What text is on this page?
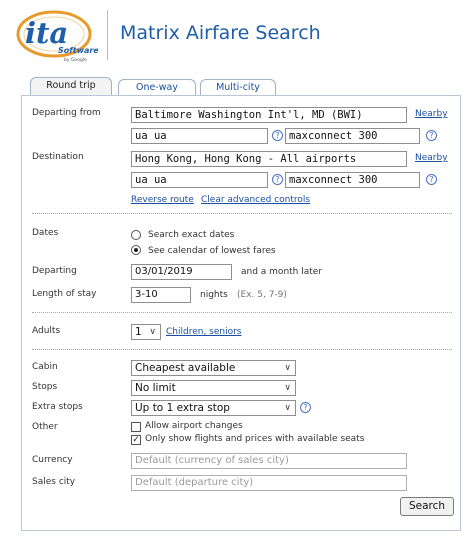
ita
Software
by Google
Matrix Airfare Search
Round trip	One-way	Multi-city
Departing from	Baltimore Washington Int'l, MD (BWI)	Nearby
ua ua	? maxconnect 300	?
Destination	Hong Kong, Hong Kong - All airports	Nearby
ua ua	? maxconnect 300	?
Reverse route Clear advanced controls
Dates	Search exact dates
See calendar of lowest fares
Departing	03/01/2019	and a month later
Length of stay	3-10	nights (Ex. 5, 7-9)
Adults	1 ∨ Children, seniors
Cabin	Cheapest available	∨
Stops	No limit	∨
Extra stops	Up to 1 extra stop	∨	?
Other	Allow airport changes
✓ Only show flights and prices with available seats
Currency	Default (currency of sales city)
Sales city	Default (departure city)
Search
